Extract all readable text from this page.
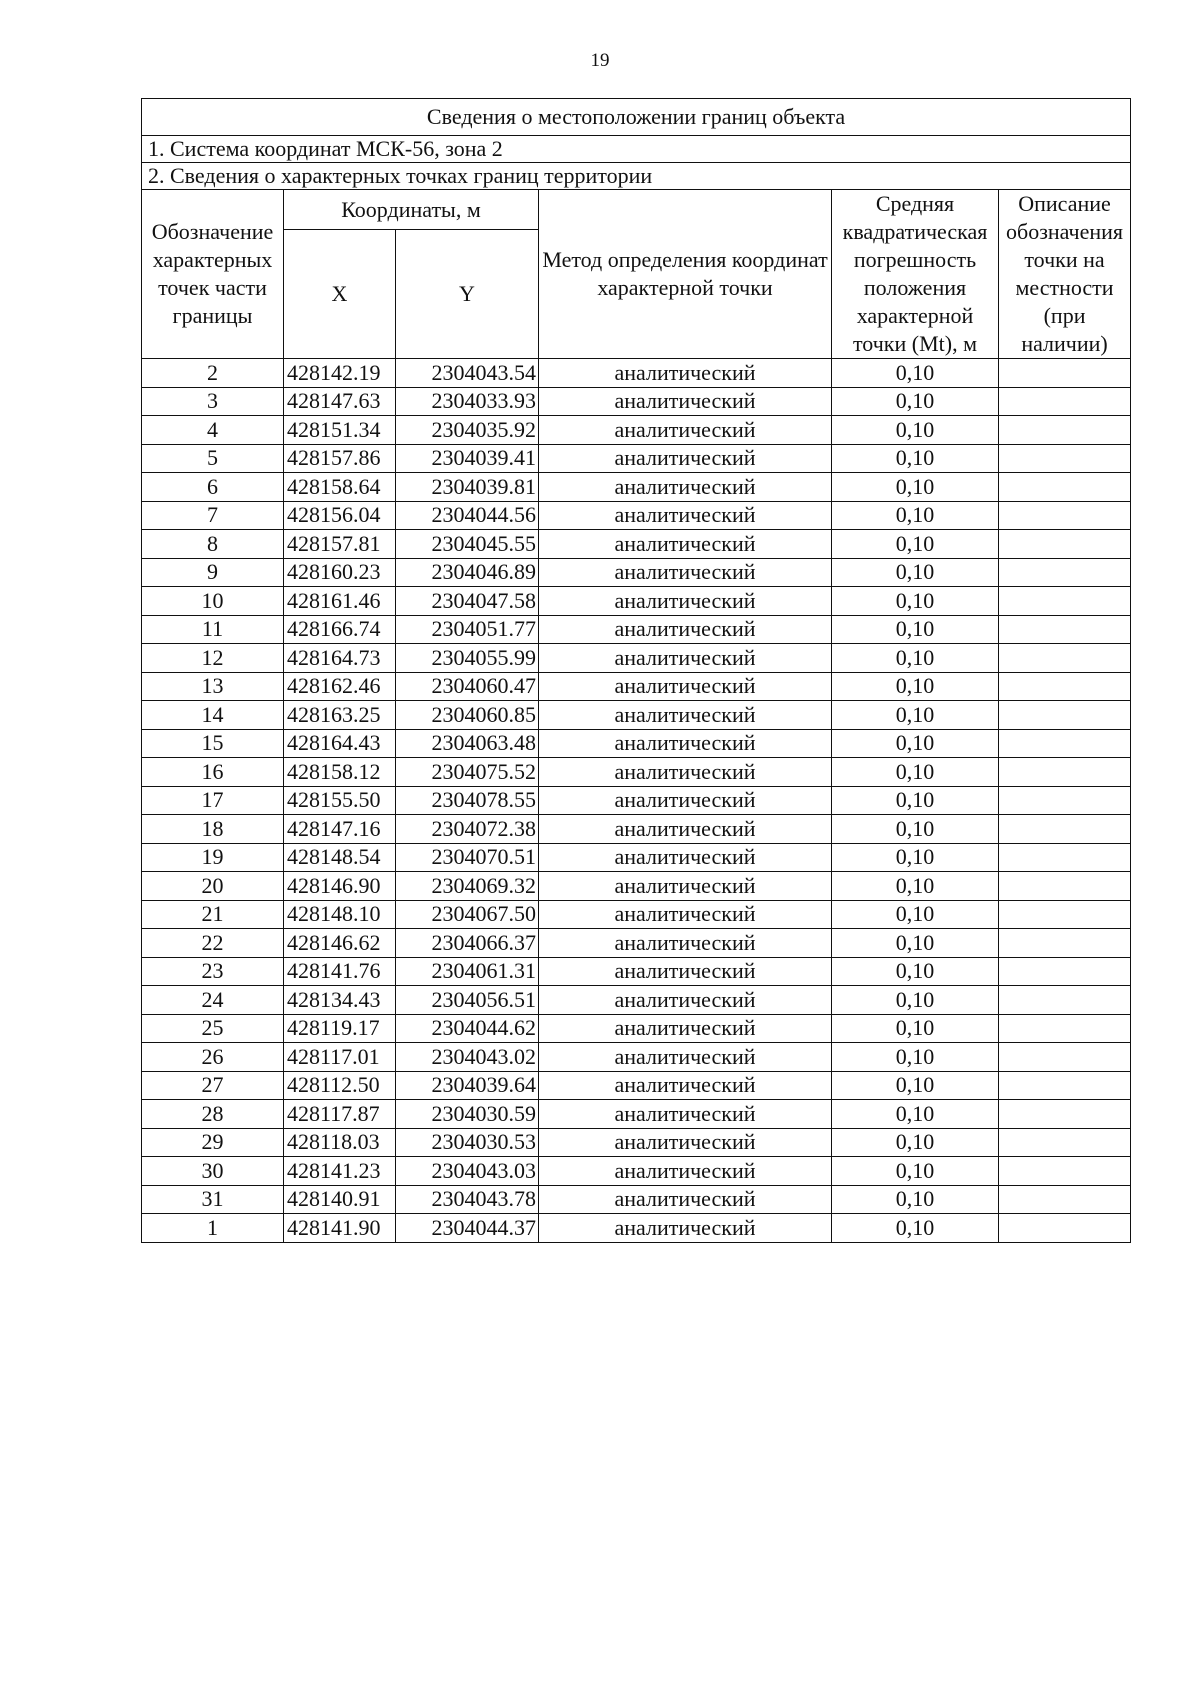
19
Сведения о местоположении границ объекта					
1. Система координат МСК-56, зона 2					
2. Сведения о характерных точках границ территории					
Обозначение характерных точек части границы	Координаты, м		Метод определения координат характерной точки	Средняя квадратическая погрешность положения характерной точки (Mt), м	Описание обозначения точки на местности (при наличии)
	X	Y			
2	428142.19	2304043.54	аналитический	0,10	
3	428147.63	2304033.93	аналитический	0,10	
4	428151.34	2304035.92	аналитический	0,10	
5	428157.86	2304039.41	аналитический	0,10	
6	428158.64	2304039.81	аналитический	0,10	
7	428156.04	2304044.56	аналитический	0,10	
8	428157.81	2304045.55	аналитический	0,10	
9	428160.23	2304046.89	аналитический	0,10	
10	428161.46	2304047.58	аналитический	0,10	
11	428166.74	2304051.77	аналитический	0,10	
12	428164.73	2304055.99	аналитический	0,10	
13	428162.46	2304060.47	аналитический	0,10	
14	428163.25	2304060.85	аналитический	0,10	
15	428164.43	2304063.48	аналитический	0,10	
16	428158.12	2304075.52	аналитический	0,10	
17	428155.50	2304078.55	аналитический	0,10	
18	428147.16	2304072.38	аналитический	0,10	
19	428148.54	2304070.51	аналитический	0,10	
20	428146.90	2304069.32	аналитический	0,10	
21	428148.10	2304067.50	аналитический	0,10	
22	428146.62	2304066.37	аналитический	0,10	
23	428141.76	2304061.31	аналитический	0,10	
24	428134.43	2304056.51	аналитический	0,10	
25	428119.17	2304044.62	аналитический	0,10	
26	428117.01	2304043.02	аналитический	0,10	
27	428112.50	2304039.64	аналитический	0,10	
28	428117.87	2304030.59	аналитический	0,10	
29	428118.03	2304030.53	аналитический	0,10	
30	428141.23	2304043.03	аналитический	0,10	
31	428140.91	2304043.78	аналитический	0,10	
1	428141.90	2304044.37	аналитический	0,10	
